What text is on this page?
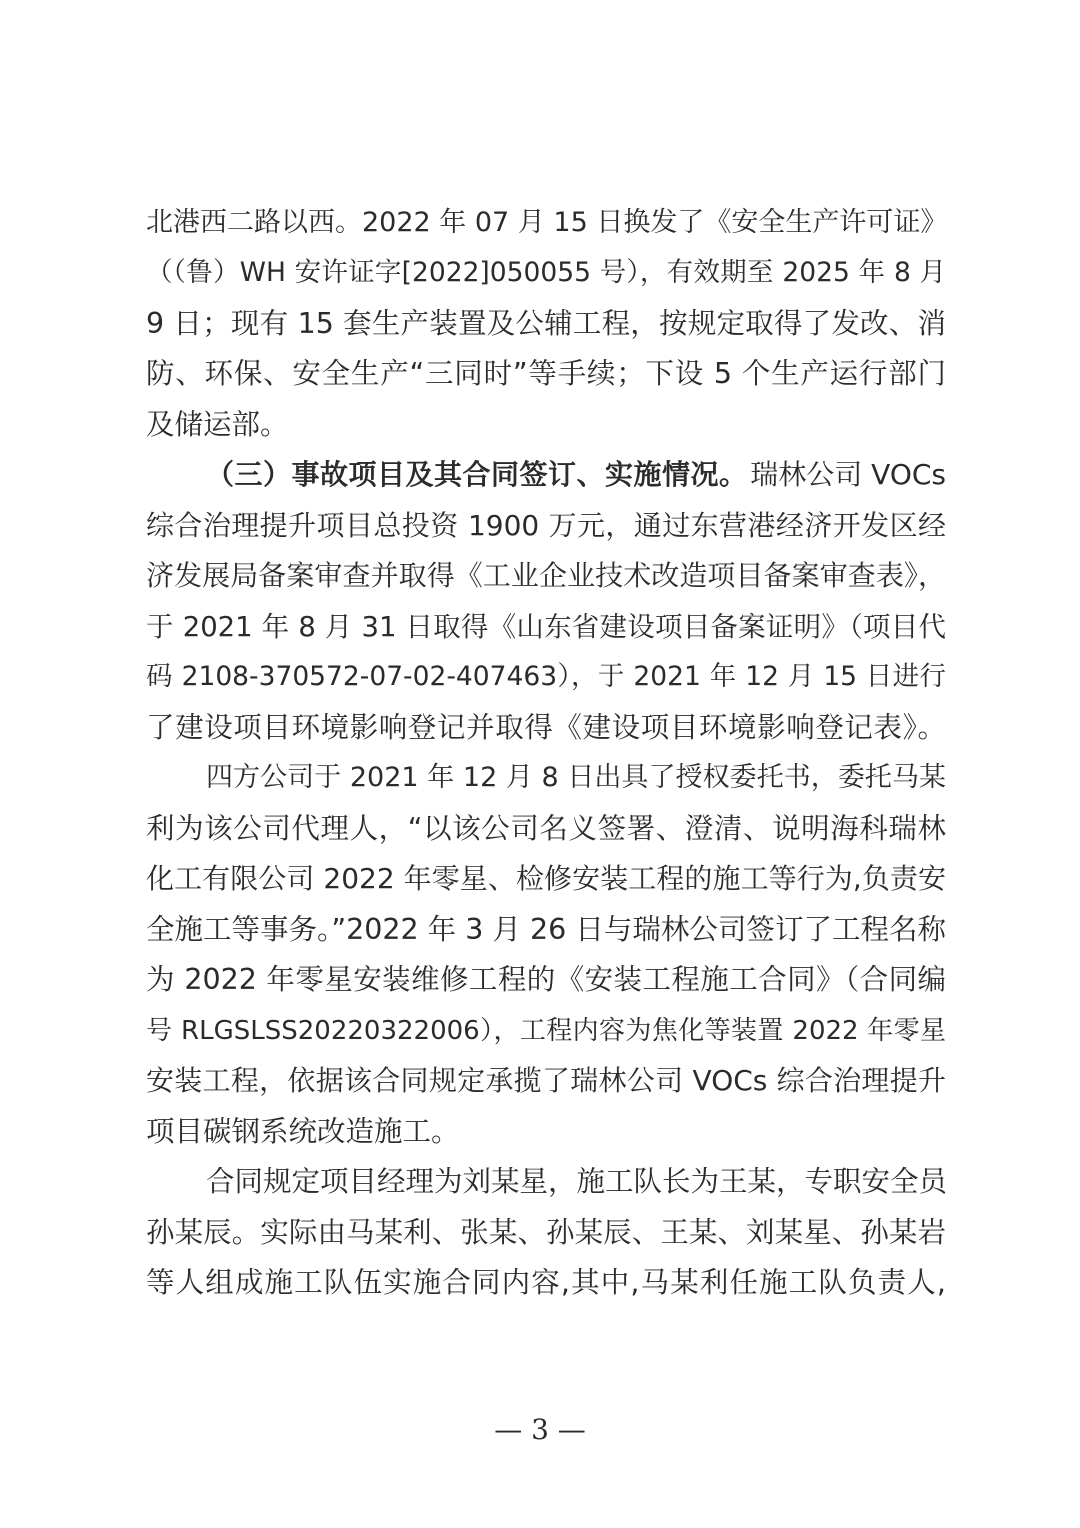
北港西二路以西。2022 年 07 月 15 日换发了《安全生产许可证》
（（鲁）WH 安许证字[2022]050055 号），有效期至 2025 年 8 月
9 日；现有 15 套生产装置及公辅工程，按规定取得了发改、消
防、环保、安全生产“三同时”等手续；下设 5 个生产运行部门
及储运部。
（三）事故项目及其合同签订、实施情况。 瑞林公司 VOCs
综合治理提升项目总投资 1900 万元，通过东营港经济开发区经
济发展局备案审查并取得《工业企业技术改造项目备案审查表》，
于 2021 年 8 月 31 日取得《山东省建设项目备案证明》（项目代
码 2108-370572-07-02-407463），于 2021 年 12 月 15 日进行
了建设项目环境影响登记并取得《建设项目环境影响登记表》。
四方公司于 2021 年 12 月 8 日出具了授权委托书，委托马某
利为该公司代理人，“以该公司名义签署、澄清、说明海科瑞林
化工有限公司 2022 年零星、检修安装工程的施工等行为,负责安
全施工等事务。”2022 年 3 月 26 日与瑞林公司签订了工程名称
为 2022 年零星安装维修工程的《安装工程施工合同》（合同编
号 RLGSLSS20220322006），工程内容为焦化等装置 2022 年零星
安装工程，依据该合同规定承揽了瑞林公司 VOCs 综合治理提升
项目碳钢系统改造施工。
合同规定项目经理为刘某星，施工队长为王某，专职安全员
孙某辰。实际由马某利、张某、孙某辰、王某、刘某星、孙某岩
等人组成施工队伍实施合同内容,其中,马某利任施工队负责人,
— 3 —
